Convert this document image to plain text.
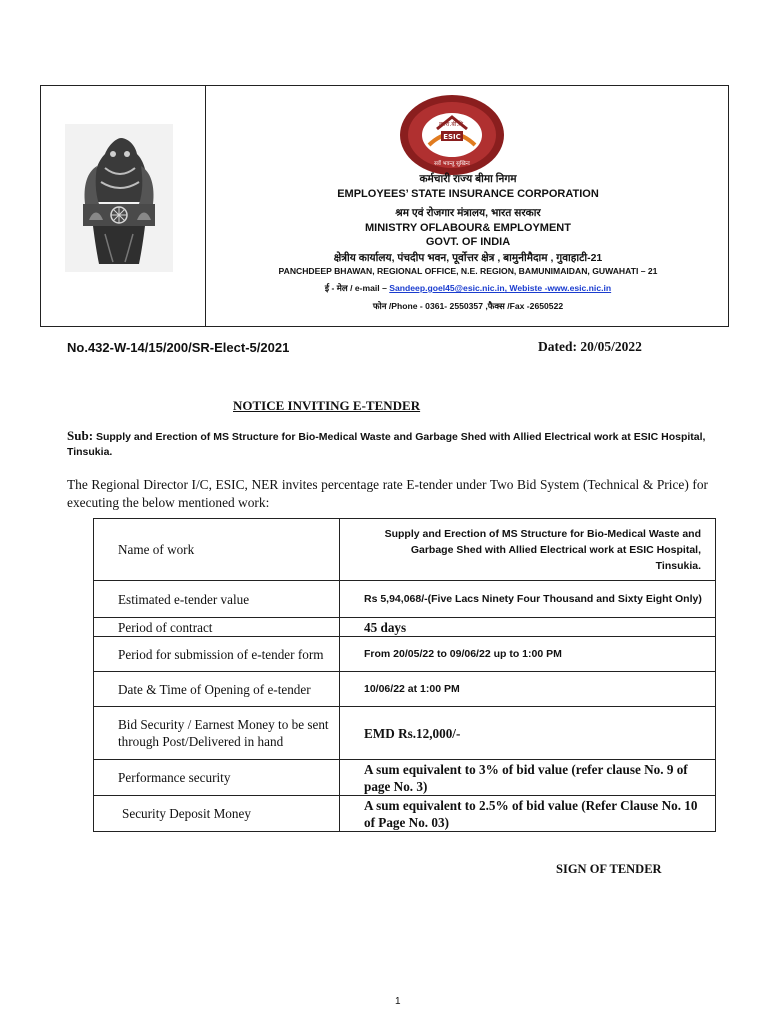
क.रा.बी.नि.
ESIC
सर्वे भवन्तु सुखिनः
कर्मचारी राज्य बीमा निगम
EMPLOYEES’ STATE INSURANCE CORPORATION
श्रम एवं रोजगार मंत्रालय, भारत सरकार
MINISTRY OFLABOUR& EMPLOYMENT
GOVT. OF INDIA
क्षेत्रीय कार्यालय, पंचदीप भवन, पूर्वोत्तर क्षेत्र , बामुनीमैदाम , गुवाहाटी-21
PANCHDEEP BHAWAN, REGIONAL OFFICE, N.E. REGION, BAMUNIMAIDAN, GUWAHATI – 21
ई - मेल / e-mail – Sandeep.goel45@esic.nic.in, Webiste -www.esic.nic.in
फोन /Phone - 0361- 2550357 ,फैक्स /Fax -2650522
No.432-W-14/15/200/SR-Elect-5/2021	Dated: 20/05/2022
NOTICE INVITING E-TENDER
Sub: Supply and Erection of MS Structure for Bio-Medical Waste and Garbage Shed with Allied Electrical work at ESIC Hospital, Tinsukia.
The Regional Director I/C, ESIC, NER invites percentage rate E-tender under Two Bid System (Technical & Price) for executing the below mentioned work:
Name of work	Supply and Erection of MS Structure for Bio-Medical Waste and Garbage Shed with Allied Electrical work at ESIC Hospital, Tinsukia.
Estimated e-tender value	Rs 5,94,068/-(Five Lacs Ninety Four Thousand and Sixty Eight Only)
Period of contract	45 days
Period for submission of e-tender form	From 20/05/22 to 09/06/22 up to 1:00 PM
Date & Time of Opening of e-tender	10/06/22 at 1:00 PM
Bid Security / Earnest Money to be sent through Post/Delivered in hand	EMD Rs.12,000/-
Performance security	A sum equivalent to 3% of bid value (refer clause No. 9 of page No. 3)
Security Deposit Money	A sum equivalent to 2.5% of bid value (Refer Clause No. 10 of Page No. 03)
SIGN OF TENDER
1
